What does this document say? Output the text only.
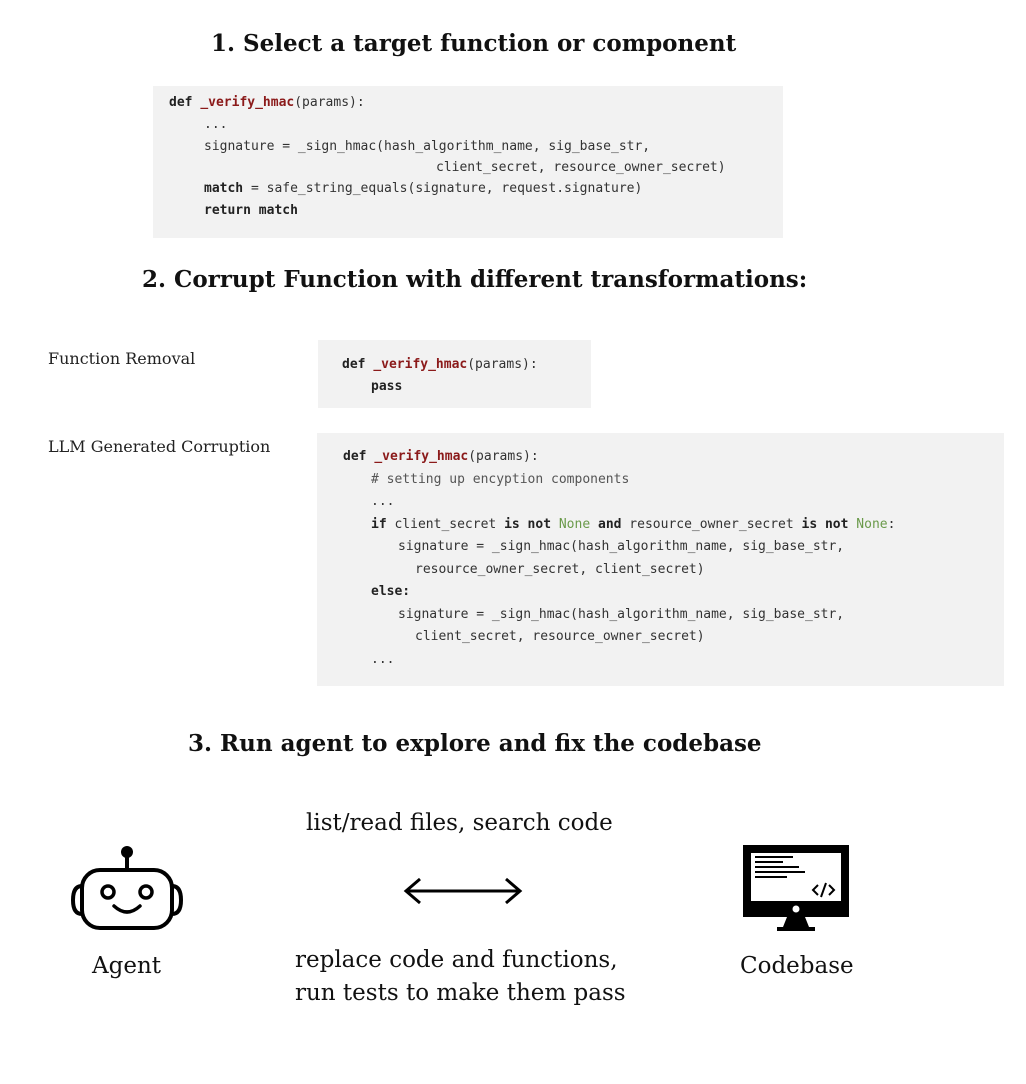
1. Select a target function or component
def _verify_hmac(params):
...
signature = _sign_hmac(hash_algorithm_name, sig_base_str,
client_secret, resource_owner_secret)
match = safe_string_equals(signature, request.signature)
return match
2. Corrupt Function with different transformations:
Function Removal	def _verify_hmac(params):
pass
LLM Generated Corruption
def _verify_hmac(params):
# setting up encyption components
...
if client_secret is not None and resource_owner_secret is not None:
signature = _sign_hmac(hash_algorithm_name, sig_base_str,
resource_owner_secret, client_secret)
else:
signature = _sign_hmac(hash_algorithm_name, sig_base_str,
client_secret, resource_owner_secret)
...
3. Run agent to explore and fix the codebase
list/read files, search code
Agent	replace code and functions,
run tests to make them pass
Codebase
